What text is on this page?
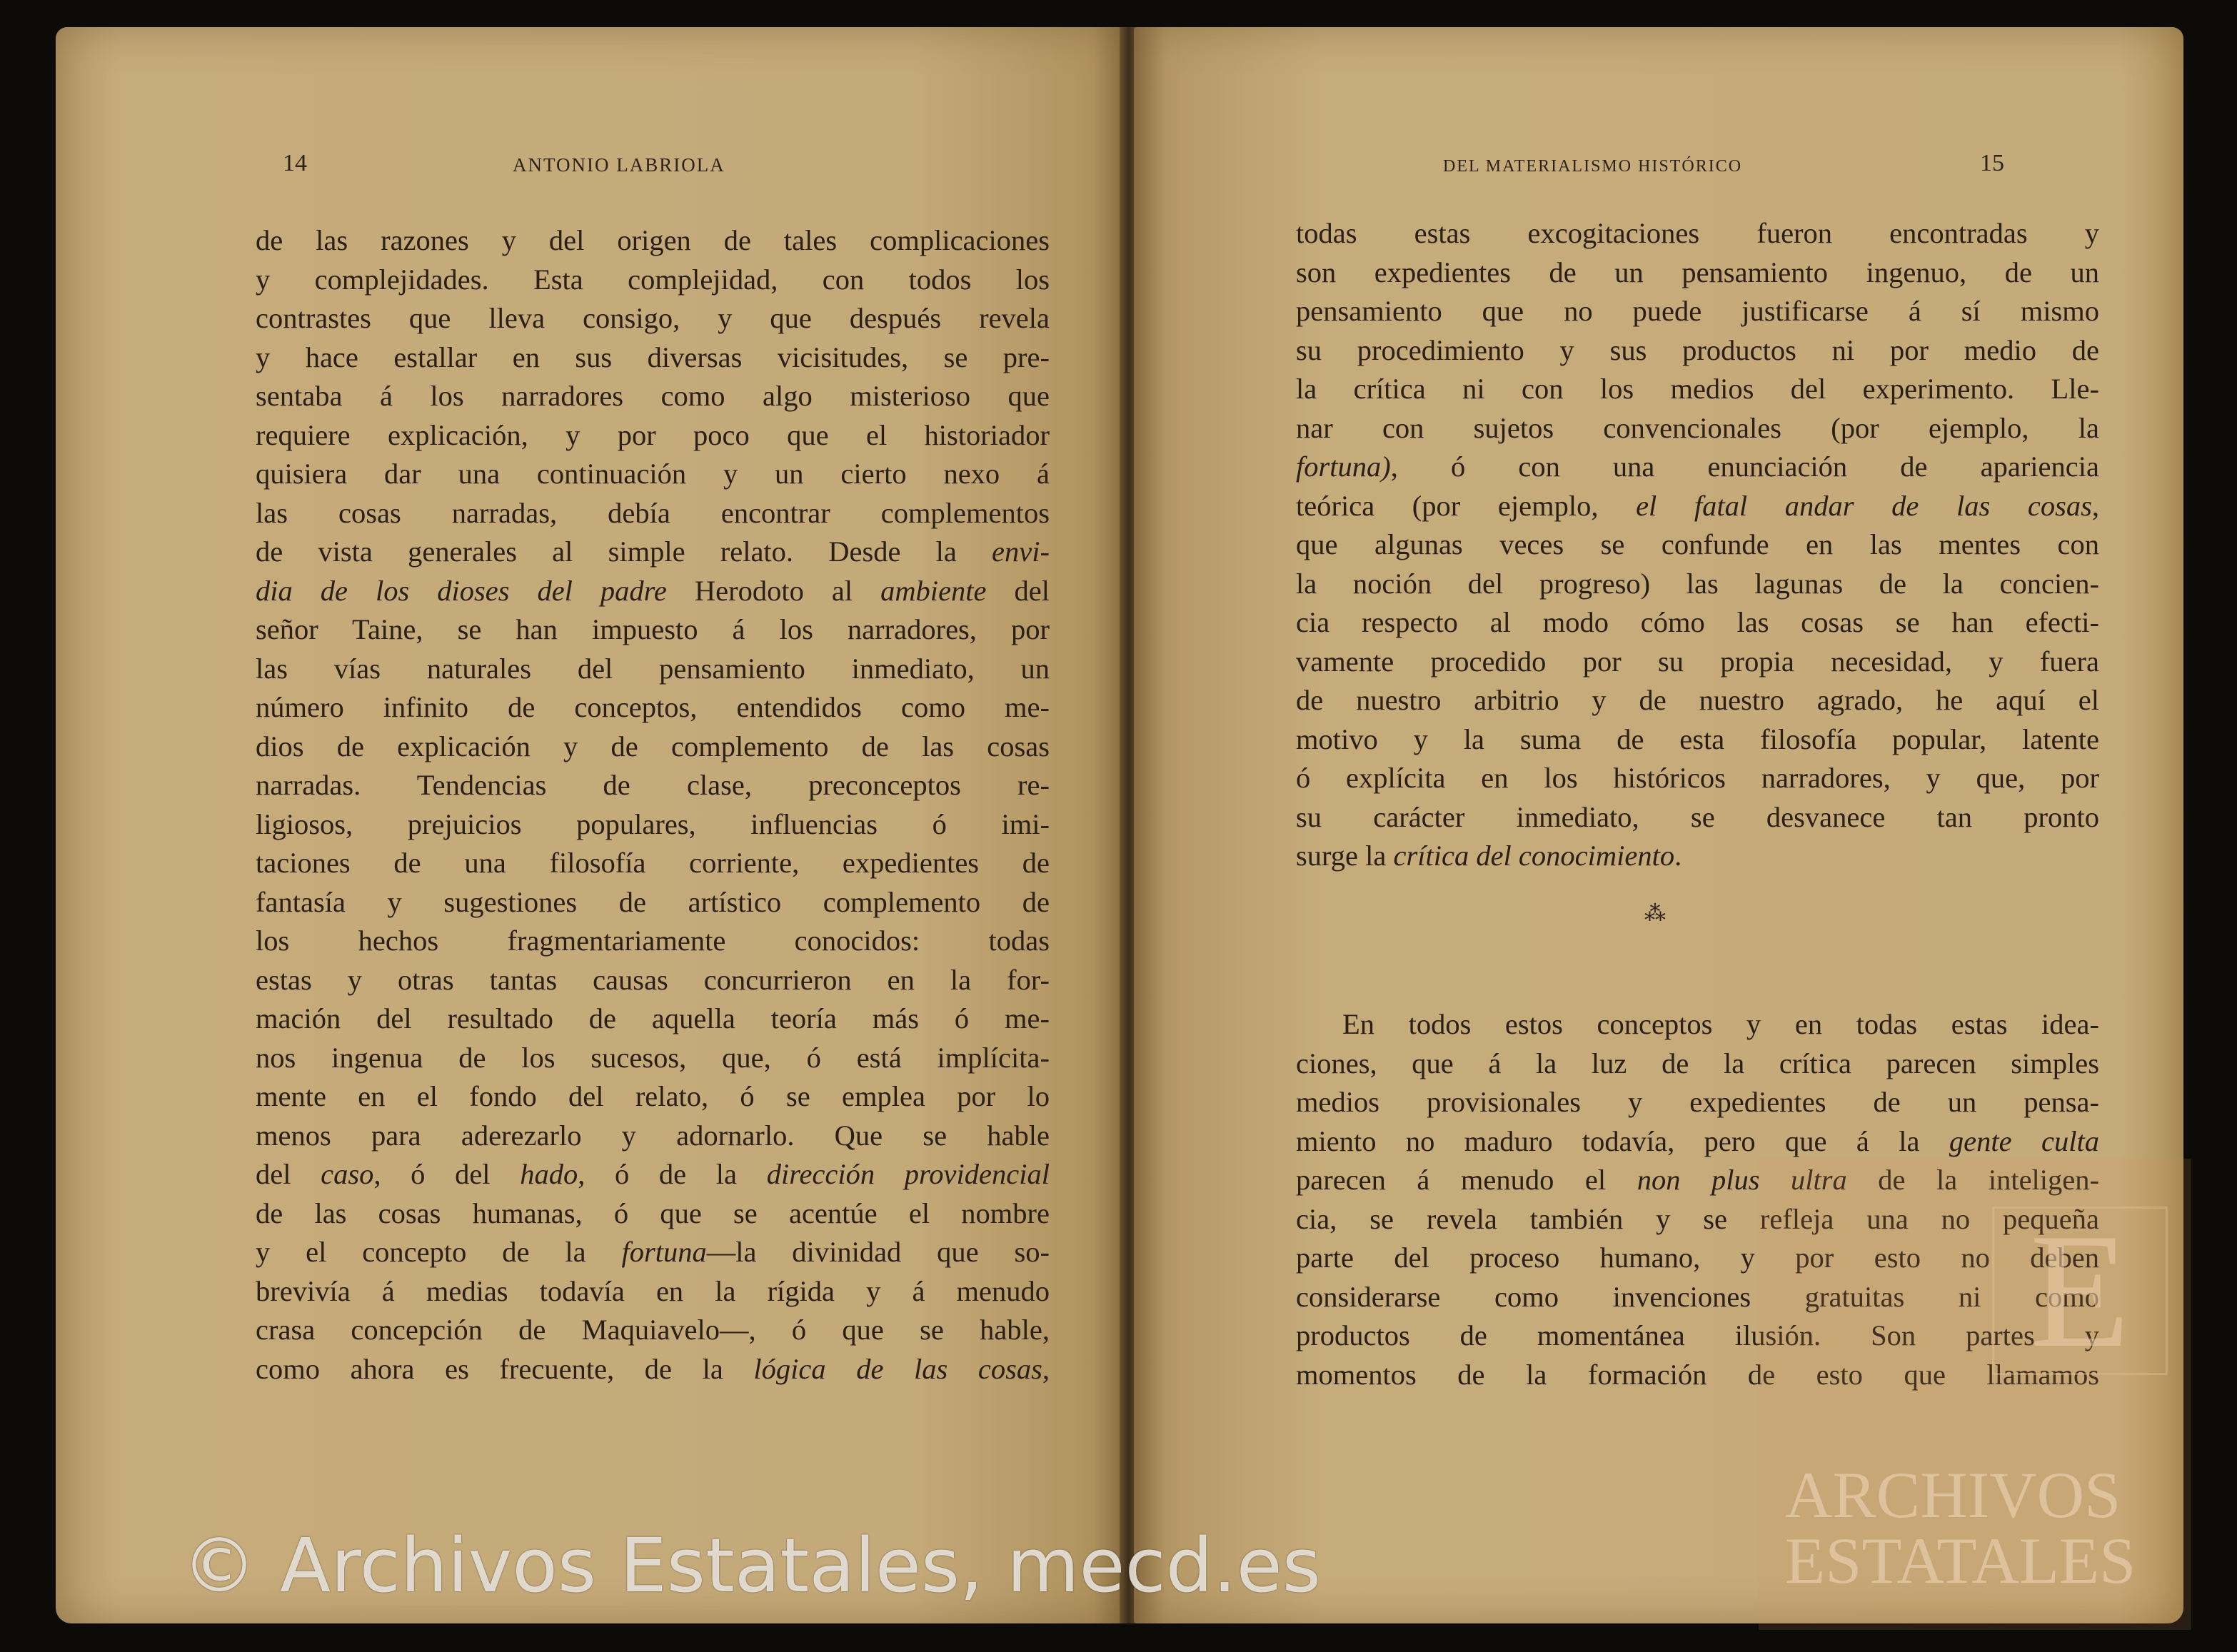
14	ANTONIO LABRIOLA
de las razones y del origen de tales complicaciones
y complejidades. Esta complejidad, con todos los
contrastes que lleva consigo, y que después revela
y hace estallar en sus diversas vicisitudes, se pre-
sentaba á los narradores como algo misterioso que
requiere explicación, y por poco que el historiador
quisiera dar una continuación y un cierto nexo á
las cosas narradas, debía encontrar complementos
de vista generales al simple relato. Desde la envi-
dia de los dioses del padre Herodoto al ambiente del
señor Taine, se han impuesto á los narradores, por
las vías naturales del pensamiento inmediato, un
número infinito de conceptos, entendidos como me-
dios de explicación y de complemento de las cosas
narradas. Tendencias de clase, preconceptos re-
ligiosos, prejuicios populares, influencias ó imi-
taciones de una filosofía corriente, expedientes de
fantasía y sugestiones de artístico complemento de
los hechos fragmentariamente conocidos: todas
estas y otras tantas causas concurrieron en la for-
mación del resultado de aquella teoría más ó me-
nos ingenua de los sucesos, que, ó está implícita-
mente en el fondo del relato, ó se emplea por lo
menos para aderezarlo y adornarlo. Que se hable
del caso, ó del hado, ó de la dirección providencial
de las cosas humanas, ó que se acentúe el nombre
y el concepto de la fortuna—la divinidad que so-
brevivía á medias todavía en la rígida y á menudo
crasa concepción de Maquiavelo—, ó que se hable,
como ahora es frecuente, de la lógica de las cosas,
DEL MATERIALISMO HISTÓRICO	15
todas estas excogitaciones fueron encontradas y
son expedientes de un pensamiento ingenuo, de un
pensamiento que no puede justificarse á sí mismo
su procedimiento y sus productos ni por medio de
la crítica ni con los medios del experimento. Lle-
nar con sujetos convencionales (por ejemplo, la
fortuna), ó con una enunciación de apariencia
teórica (por ejemplo, el fatal andar de las cosas,
que algunas veces se confunde en las mentes con
la noción del progreso) las lagunas de la concien-
cia respecto al modo cómo las cosas se han efecti-
vamente procedido por su propia necesidad, y fuera
de nuestro arbitrio y de nuestro agrado, he aquí el
motivo y la suma de esta filosofía popular, latente
ó explícita en los históricos narradores, y que, por
su carácter inmediato, se desvanece tan pronto
surge la crítica del conocimiento.
⁂
En todos estos conceptos y en todas estas idea-
ciones, que á la luz de la crítica parecen simples
medios provisionales y expedientes de un pensa-
miento no maduro todavía, pero que á la gente culta
parecen á menudo el non plus ultra de la inteligen-
cia, se revela también y se refleja una no pequeña
parte del proceso humano, y por esto no deben
considerarse como invenciones gratuitas ni como
productos de momentánea ilusión. Son partes y
momentos de la formación de esto que llamamos
E
ARCHIVOS
ESTATALES
© Archivos Estatales, mecd.es
